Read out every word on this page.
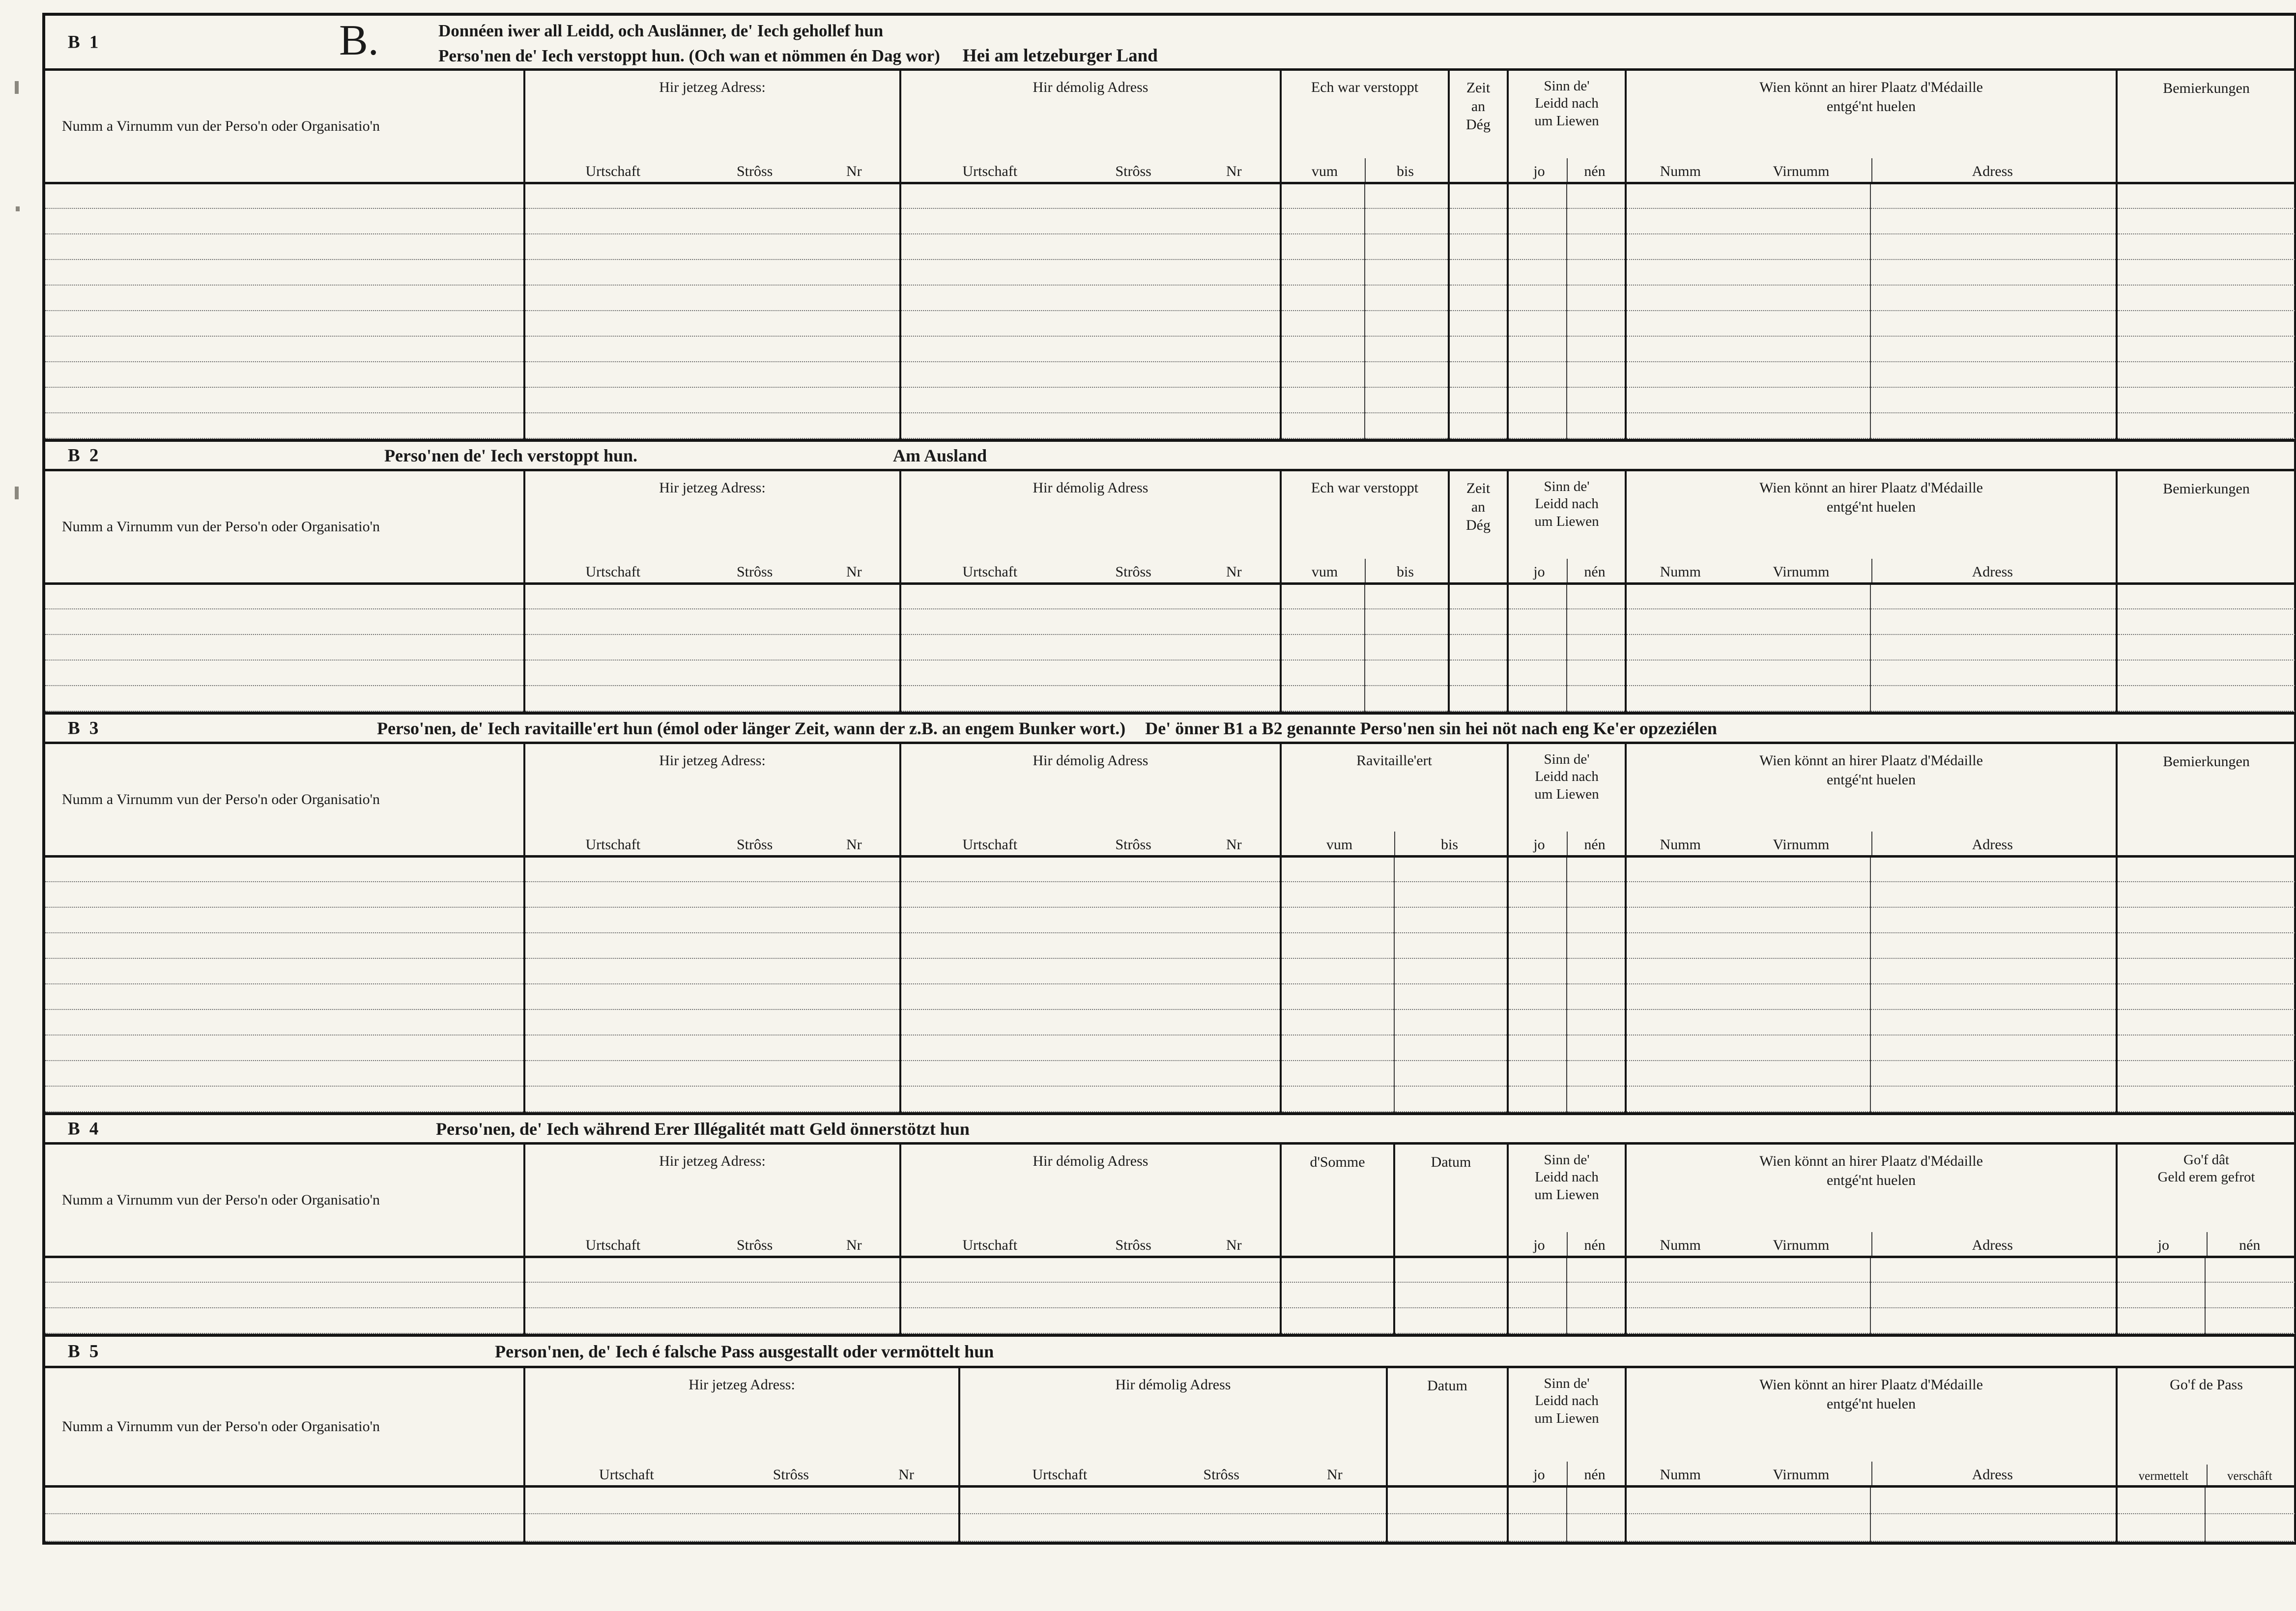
B 1	B.	Donnéen iwer all Leidd, och Auslänner, de' Iech gehollef hun
Perso'nen de' Iech verstoppt hun. (Och wan et nömmen én Dag wor) Hei am letzeburger Land
Numm a Virnumm vun der Perso'n oder Organisatio'n

Hir jetzeg Adress:
Urtschaft	Strôss	Nr

Hir démolig Adress
Urtschaft	Strôss	Nr

Ech war verstoppt
vum	bis

Zeit
an
Dég

Sinn de'
Leidd nach
um Liewen
jo	nén

Wien könnt an hirer Plaatz d'Médaille
entgé'nt huelen
Numm	Virnumm	Adress

Bemierkungen

B 2	Perso'nen de' Iech verstoppt hun.	Am Ausland
Numm a Virnumm vun der Perso'n oder Organisatio'n

Hir jetzeg Adress:
Urtschaft	Strôss	Nr

Hir démolig Adress
Urtschaft	Strôss	Nr

Ech war verstoppt
vum	bis

Zeit
an
Dég

Sinn de'
Leidd nach
um Liewen
jo	nén

Wien könnt an hirer Plaatz d'Médaille
entgé'nt huelen
Numm	Virnumm	Adress

Bemierkungen

B 3	Perso'nen, de' Iech ravitaille'ert hun (émol oder länger Zeit, wann der z.B. an engem Bunker wort.) De' önner B1 a B2 genannte Perso'nen sin hei nöt nach eng Ke'er opzeziélen
Numm a Virnumm vun der Perso'n oder Organisatio'n

Hir jetzeg Adress:
Urtschaft	Strôss	Nr

Hir démolig Adress
Urtschaft	Strôss	Nr

Ravitaille'ert
vum	bis

Sinn de'
Leidd nach
um Liewen
jo	nén

Wien könnt an hirer Plaatz d'Médaille
entgé'nt huelen
Numm	Virnumm	Adress

Bemierkungen

B 4	Perso'nen, de' Iech während Erer Illégalitét matt Geld önnerstötzt hun
Numm a Virnumm vun der Perso'n oder Organisatio'n

Hir jetzeg Adress:
Urtschaft	Strôss	Nr

Hir démolig Adress
Urtschaft	Strôss	Nr

d'Somme	Datum	Sinn de'
Leidd nach
um Liewen
jo	nén

Wien könnt an hirer Plaatz d'Médaille
entgé'nt huelen
Numm	Virnumm	Adress

Go'f dât
Geld erem gefrot
jo	nén

B 5	Person'nen, de' Iech é falsche Pass ausgestallt oder vermöttelt hun
Numm a Virnumm vun der Perso'n oder Organisatio'n

Hir jetzeg Adress:
Urtschaft	Strôss	Nr

Hir démolig Adress
Urtschaft	Strôss	Nr

Datum	Sinn de'
Leidd nach
um Liewen
jo	nén

Wien könnt an hirer Plaatz d'Médaille
entgé'nt huelen
Numm	Virnumm	Adress

Go'f de Pass
vermettelt	verschâft
